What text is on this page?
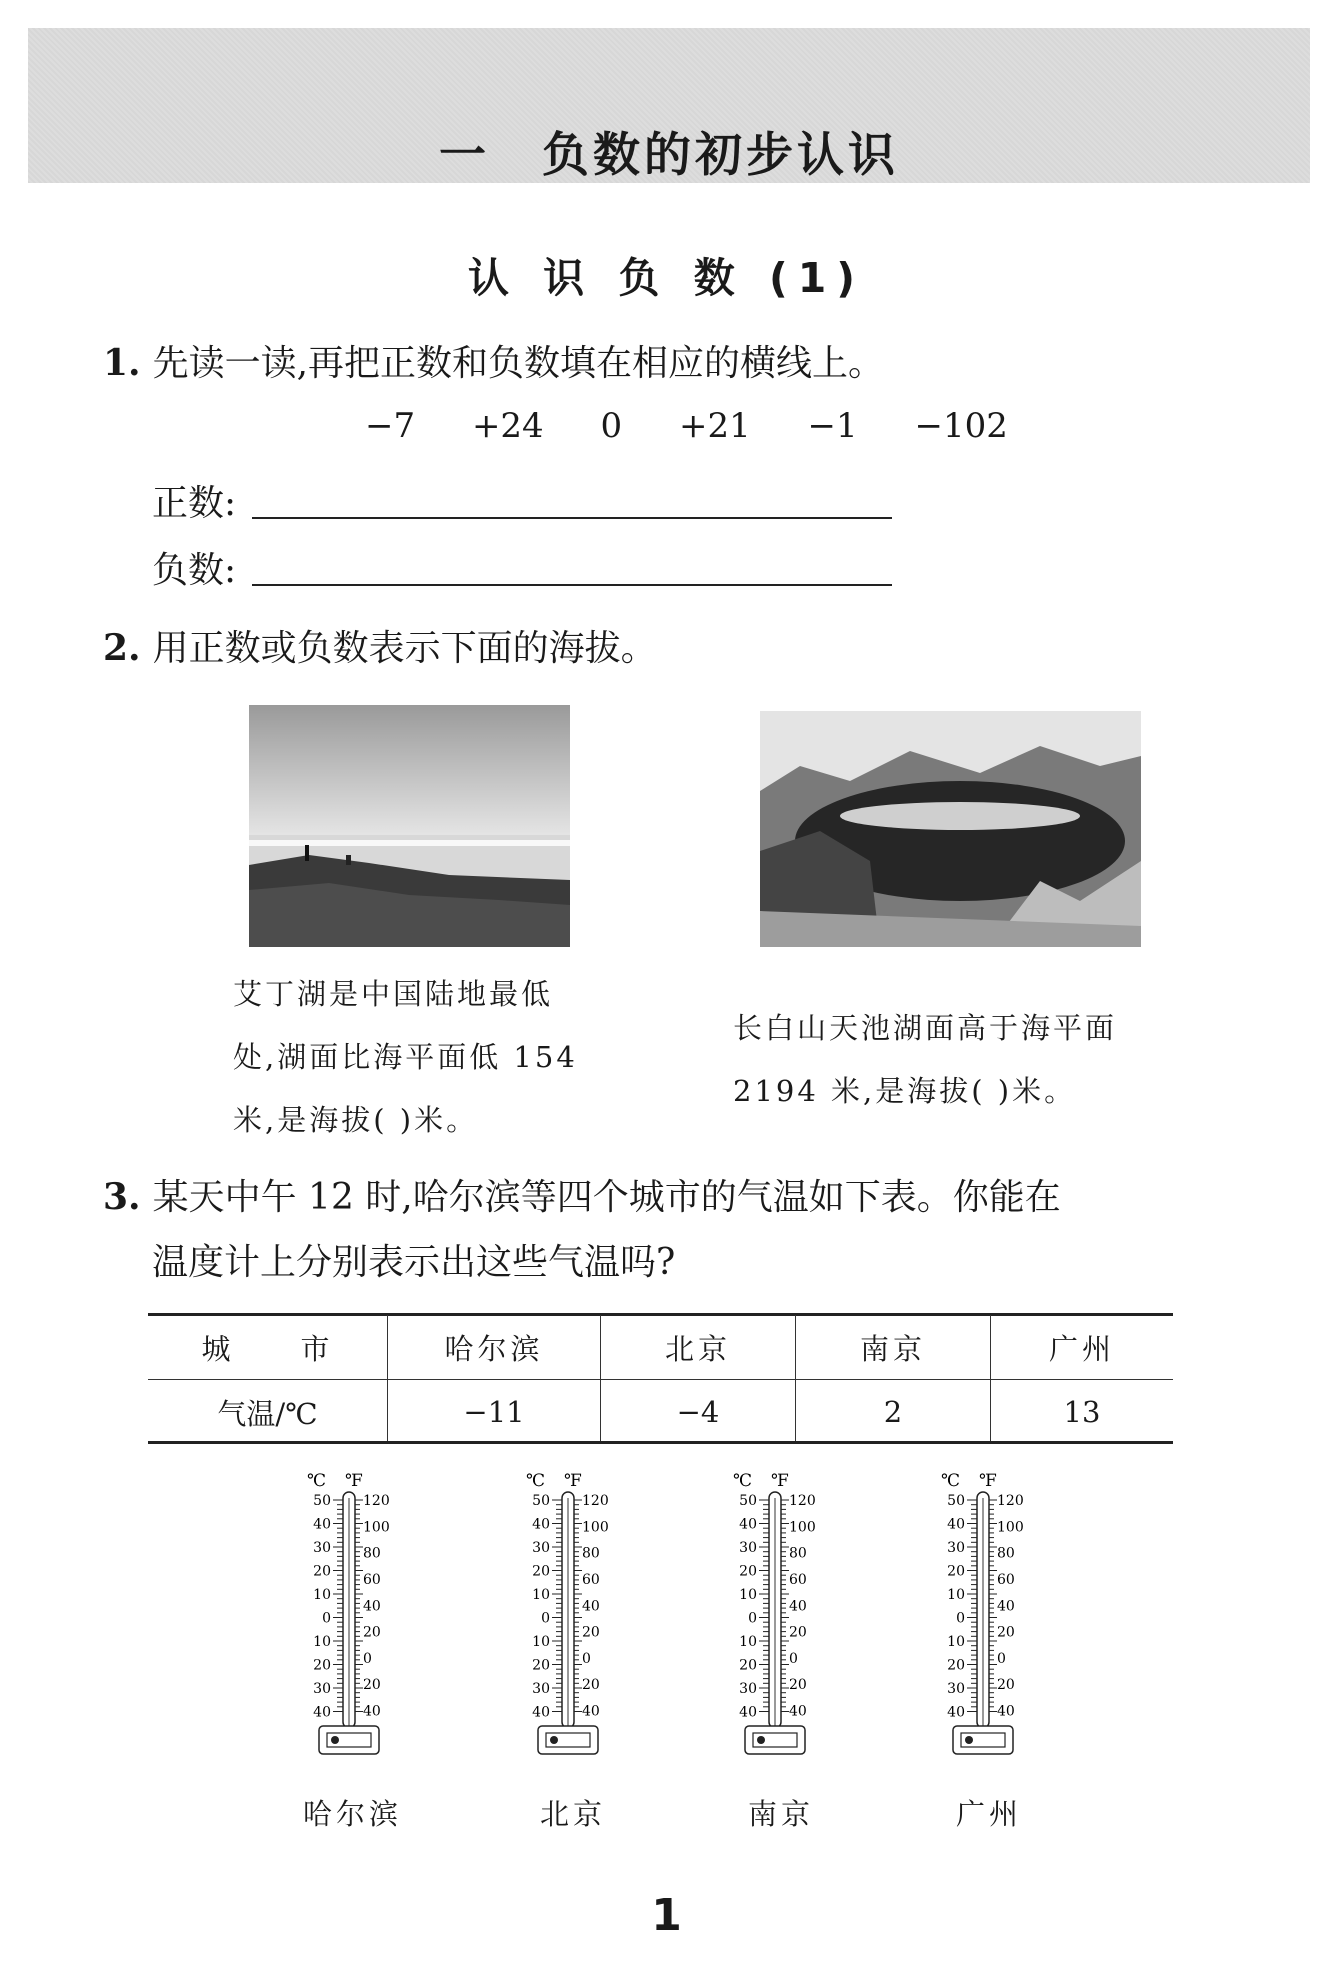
一 负数的初步认识
认 识 负 数 (1)
1. 先读一读,再把正数和负数填在相应的横线上。
−7 +24 0 +21 −1 −102
正数:
负数:
2. 用正数或负数表示下面的海拔。
艾丁湖是中国陆地最低
处,湖面比海平面低 154
米,是海拔( )米。
长白山天池湖面高于海平面
2194 米,是海拔( )米。
3. 某天中午 12 时,哈尔滨等四个城市的气温如下表。你能在
温度计上分别表示出这些气温吗?
城　　市	哈尔滨	北京	南京	广州
气温/℃	−11	−4	2	13
℃ ℉
50
40
30
20
10
0
10
20
30
40
120
100
80
60
40
20
0
20
40
℃ ℉
50
40
30
20
10
0
10
20
30
40
120
100
80
60
40
20
0
20
40
℃ ℉
50
40
30
20
10
0
10
20
30
40
120
100
80
60
40
20
0
20
40
℃ ℉
50
40
30
20
10
0
10
20
30
40
120
100
80
60
40
20
0
20
40
哈尔滨	北京	南京	广州
1
